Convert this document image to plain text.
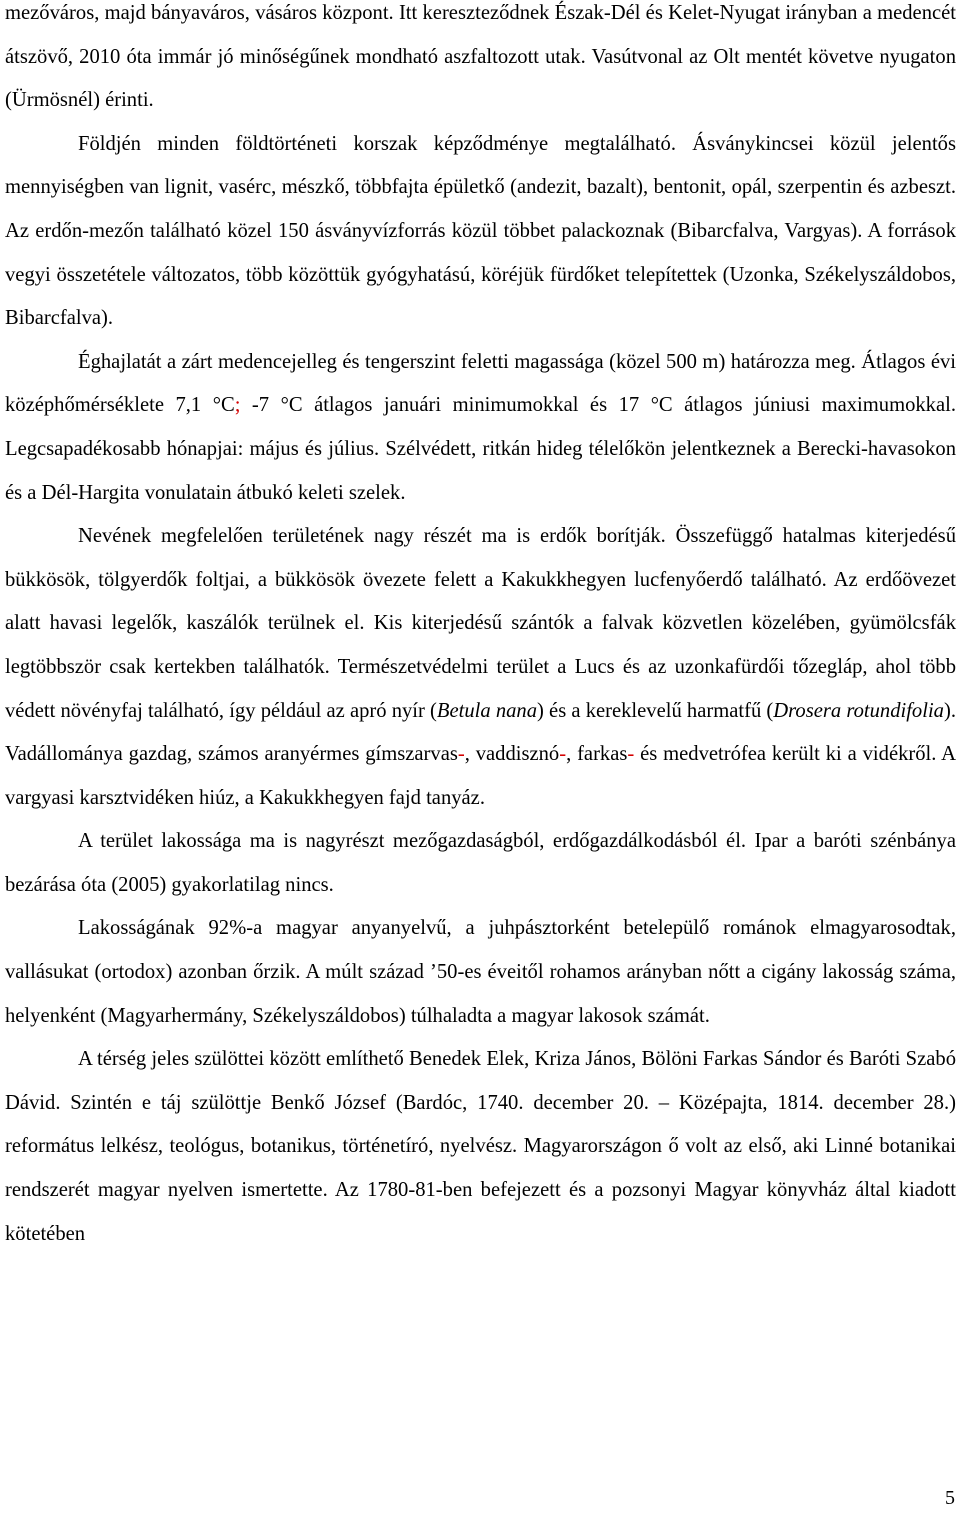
mezőváros, majd bányaváros, vásáros központ. Itt kereszteződnek Észak-Dél és Kelet-Nyugat irányban a medencét átszövő, 2010 óta immár jó minőségűnek mondható aszfaltozott utak. Vasútvonal az Olt mentét követve nyugaton (Ürmösnél) érinti.

Földjén minden földtörténeti korszak képződménye megtalálható. Ásványkincsei közül jelentős mennyiségben van lignit, vasérc, mészkő, többfajta épületkő (andezit, bazalt), bentonit, opál, szerpentin és azbeszt. Az erdőn-mezőn található közel 150 ásványvízforrás közül többet palackoznak (Bibarcfalva, Vargyas). A források vegyi összetétele változatos, több közöttük gyógyhatású, köréjük fürdőket telepítettek (Uzonka, Székelyszáldobos, Bibarcfalva).

Éghajlatát a zárt medencejelleg és tengerszint feletti magassága (közel 500 m) határozza meg. Átlagos évi középhőmérséklete 7,1 °C; -7 °C átlagos januári minimumokkal és 17 °C átlagos júniusi maximumokkal. Legcsapadékosabb hónapjai: május és július. Szélvédett, ritkán hideg télelőkön jelentkeznek a Berecki-havasokon és a Dél-Hargita vonulatain átbukó keleti szelek.

Nevének megfelelően területének nagy részét ma is erdők borítják. Összefüggő hatalmas kiterjedésű bükkösök, tölgyerdők foltjai, a bükkösök övezete felett a Kakukkhegyen lucfenyőerdő található. Az erdőövezet alatt havasi legelők, kaszálók terülnek el. Kis kiterjedésű szántók a falvak közvetlen közelében, gyümölcsfák legtöbbször csak kertekben találhatók. Természetvédelmi terület a Lucs és az uzonkafürdői tőzegláp, ahol több védett növényfaj található, így például az apró nyír (Betula nana) és a kereklevelű harmatfű (Drosera rotundifolia). Vadállománya gazdag, számos aranyérmes gímszarvas-, vaddisznó-, farkas- és medvetrófea került ki a vidékről. A vargyasi karsztvidéken hiúz, a Kakukkhegyen fajd tanyáz.

A terület lakossága ma is nagyrészt mezőgazdaságból, erdőgazdálkodásból él. Ipar a baróti szénbánya bezárása óta (2005) gyakorlatilag nincs.

Lakosságának 92%-a magyar anyanyelvű, a juhpásztorként betelepülő románok elmagyarosodtak, vallásukat (ortodox) azonban őrzik. A múlt század ’50-es éveitől rohamos arányban nőtt a cigány lakosság száma, helyenként (Magyarhermány, Székelyszáldobos) túlhaladta a magyar lakosok számát.

A térség jeles szülöttei között említhető Benedek Elek, Kriza János, Bölöni Farkas Sándor és Baróti Szabó Dávid. Szintén e táj szülöttje Benkő József (Bardóc, 1740. december 20. – Középajta, 1814. december 28.) református lelkész, teológus, botanikus, történetíró, nyelvész. Magyarországon ő volt az első, aki Linné botanikai rendszerét magyar nyelven ismertette. Az 1780-81-ben befejezett és a pozsonyi Magyar könyvház által kiadott kötetében

5
